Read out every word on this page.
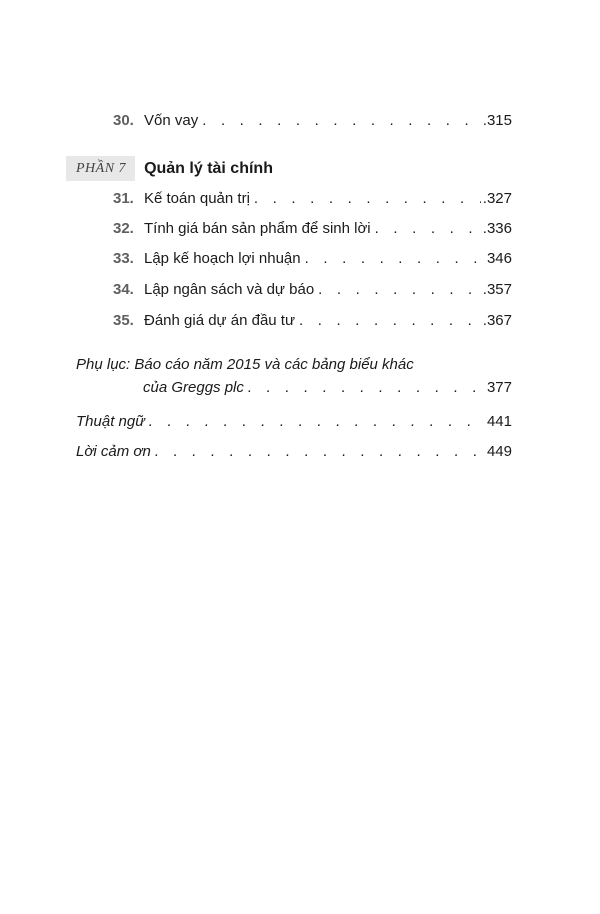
30. Vốn vay . . .	.315
PHẦN 7	Quản lý tài chính
31. Kế toán quản trị . . .	.327
32. Tính giá bán sản phẩm để sinh lời . . .	.336
33. Lập kế hoạch lợi nhuận . . .	346
34. Lập ngân sách và dự báo . . .	.357
35. Đánh giá dự án đầu tư . . .	.367
Phụ lục: Báo cáo năm 2015 và các bảng biểu khác
của Greggs plc . . .	377
Thuật ngữ . . .	441
Lời cảm ơn . . .	449
